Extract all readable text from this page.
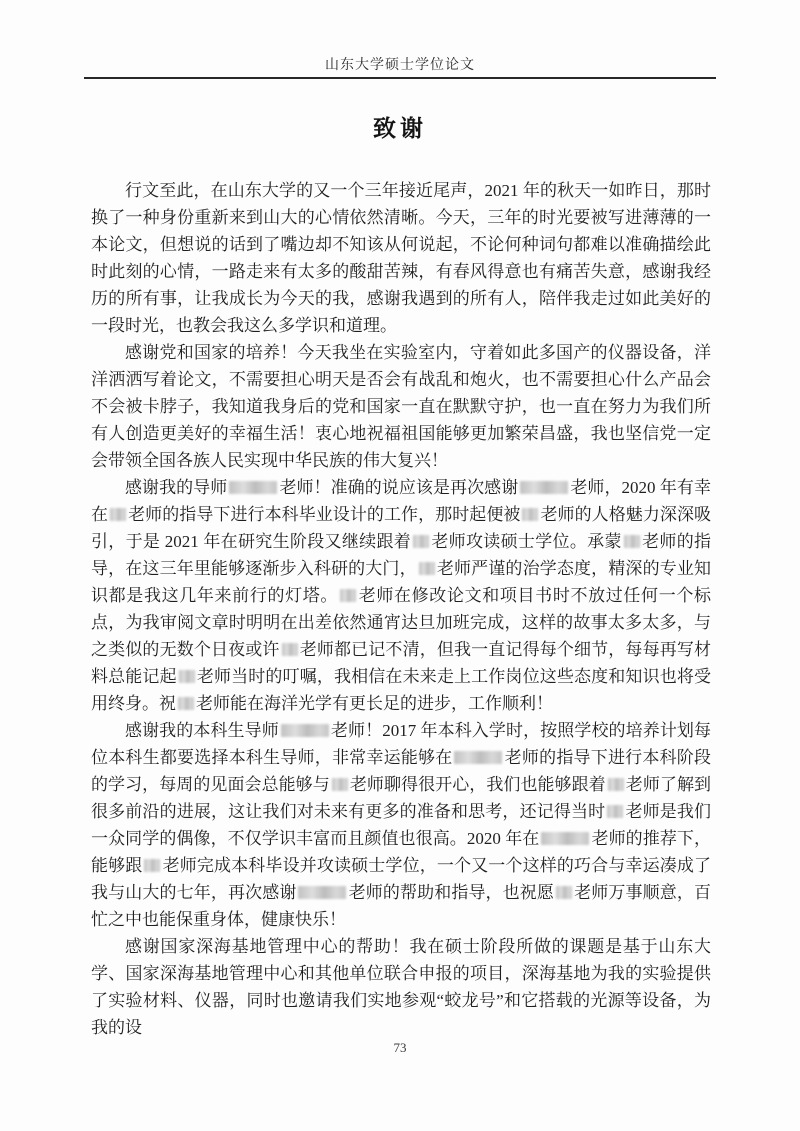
山东大学硕士学位论文
致谢

行文至此，在山东大学的又一个三年接近尾声，2021 年的秋天一如昨日，那时换了一种身份重新来到山大的心情依然清晰。今天，三年的时光要被写进薄薄的一本论文，但想说的话到了嘴边却不知该从何说起，不论何种词句都难以准确描绘此时此刻的心情，一路走来有太多的酸甜苦辣，有春风得意也有痛苦失意，感谢我经历的所有事，让我成长为今天的我，感谢我遇到的所有人，陪伴我走过如此美好的一段时光，也教会我这么多学识和道理。

感谢党和国家的培养！今天我坐在实验室内，守着如此多国产的仪器设备，洋洋洒洒写着论文，不需要担心明天是否会有战乱和炮火，也不需要担心什么产品会不会被卡脖子，我知道我身后的党和国家一直在默默守护，也一直在努力为我们所有人创造更美好的幸福生活！衷心地祝福祖国能够更加繁荣昌盛，我也坚信党一定会带领全国各族人民实现中华民族的伟大复兴！

感谢我的导师	老师！准确的说应该是再次感谢	老师，2020 年有幸在 老师的指导下进行本科毕业设计的工作，那时起便被 老师的人格魅力深深吸引，于是 2021 年在研究生阶段又继续跟着 老师攻读硕士学位。承蒙 老师的指导，在这三年里能够逐渐步入科研的大门， 老师严谨的治学态度，精深的专业知识都是我这几年来前行的灯塔。 老师在修改论文和项目书时不放过任何一个标点，为我审阅文章时明明在出差依然通宵达旦加班完成，这样的故事太多太多，与之类似的无数个日夜或许 老师都已记不清，但我一直记得每个细节，每每再写材料总能记起 老师当时的叮嘱，我相信在未来走上工作岗位这些态度和知识也将受用终身。祝 老师能在海洋光学有更长足的进步，工作顺利！

感谢我的本科生导师	老师！2017 年本科入学时，按照学校的培养计划每位本科生都要选择本科生导师，非常幸运能够在	老师的指导下进行本科阶段的学习，每周的见面会总能够与 老师聊得很开心，我们也能够跟着 老师了解到很多前沿的进展，这让我们对未来有更多的准备和思考，还记得当时 老师是我们一众同学的偶像，不仅学识丰富而且颜值也很高。2020 年在	老师的推荐下，能够跟 老师完成本科毕设并攻读硕士学位，一个又一个这样的巧合与幸运凑成了我与山大的七年，再次感谢	老师的帮助和指导，也祝愿 老师万事顺意，百忙之中也能保重身体，健康快乐！

感谢国家深海基地管理中心的帮助！我在硕士阶段所做的课题是基于山东大学、国家深海基地管理中心和其他单位联合申报的项目，深海基地为我的实验提供了实验材料、仪器，同时也邀请我们实地参观“蛟龙号”和它搭载的光源等设备，为我的设

73
